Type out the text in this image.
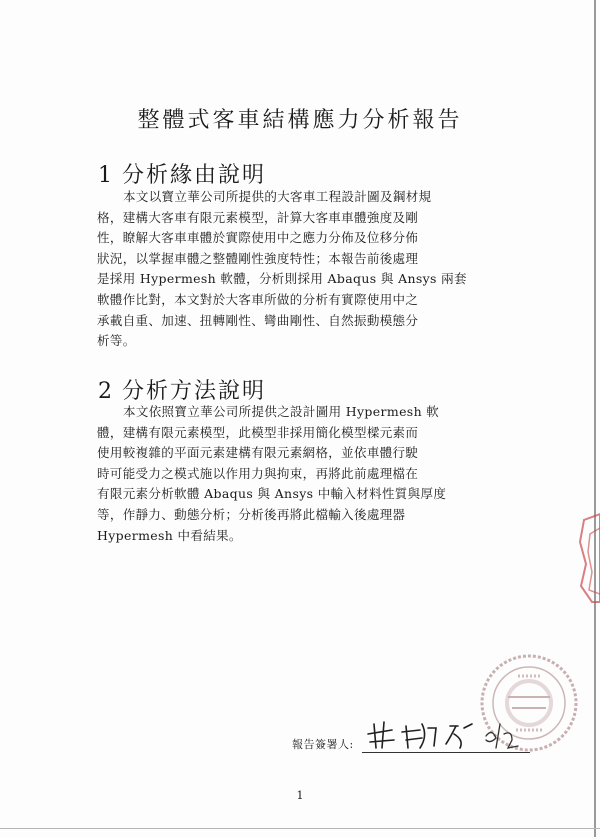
整體式客車結構應力分析報告
1 分析緣由說明
本文以寶立華公司所提供的大客車工程設計圖及鋼材規
格，建構大客車有限元素模型，計算大客車車體強度及剛
性，瞭解大客車車體於實際使用中之應力分佈及位移分佈
狀況，以掌握車體之整體剛性強度特性；本報告前後處理
是採用 Hypermesh 軟體，分析則採用 Abaqus 與 Ansys 兩套
軟體作比對，本文對於大客車所做的分析有實際使用中之
承載自重、加速、扭轉剛性、彎曲剛性、自然振動模態分
析等。
2 分析方法說明
本文依照寶立華公司所提供之設計圖用 Hypermesh 軟
體，建構有限元素模型，此模型非採用簡化模型樑元素而
使用較複雜的平面元素建構有限元素網格，並依車體行駛
時可能受力之模式施以作用力與拘束，再將此前處理檔在
有限元素分析軟體 Abaqus 與 Ansys 中輸入材料性質與厚度
等，作靜力、動態分析；分析後再將此檔輸入後處理器
Hypermesh 中看結果。
報告簽署人:
1
